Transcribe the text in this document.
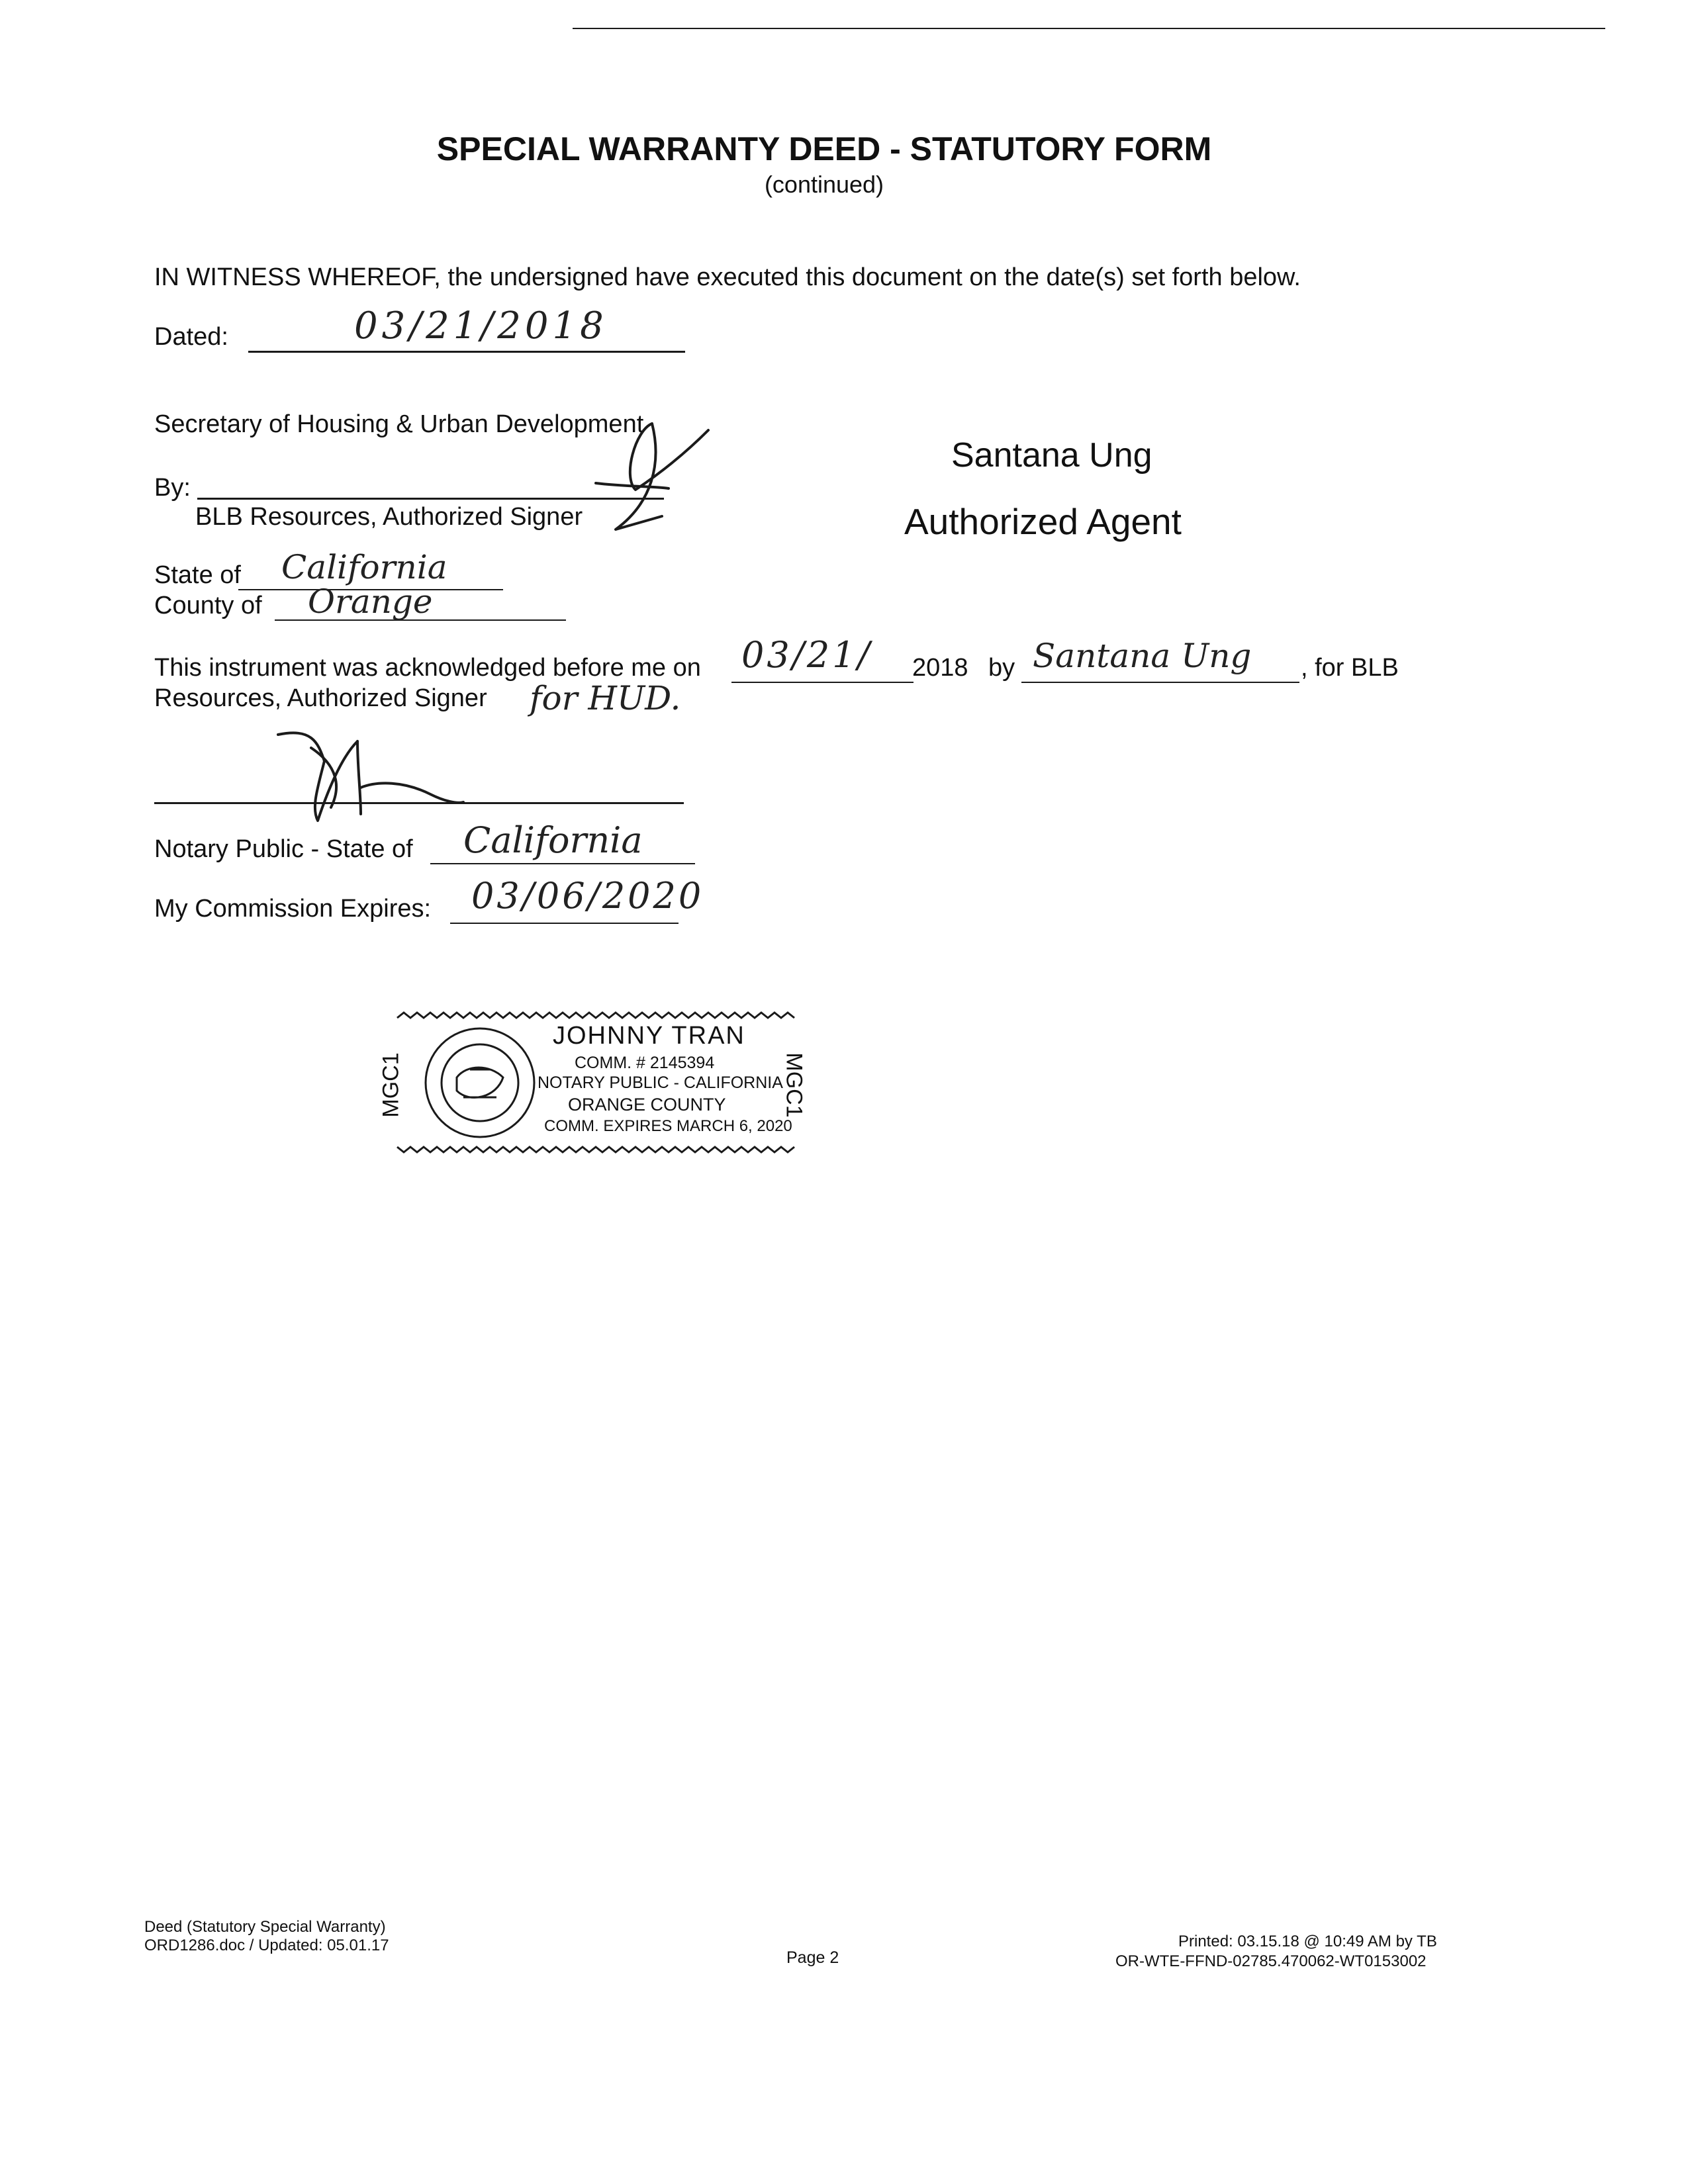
SPECIAL WARRANTY DEED - STATUTORY FORM
(continued)
IN WITNESS WHEREOF, the undersigned have executed this document on the date(s) set forth below.
Dated:	03/21/2018
Secretary of Housing & Urban Development
By:
BLB Resources, Authorized Signer
Santana Ung
Authorized Agent
State of California
County of Orange
This instrument was acknowledged before me on 03/21/ 2018 by Santana Ung , for BLB
Resources, Authorized Signer for HUD.
Notary Public - State of California
My Commission Expires: 03/06/2020
MGC1	MGC1
JOHNNY TRAN
COMM. # 2145394
NOTARY PUBLIC - CALIFORNIA
ORANGE COUNTY
COMM. EXPIRES MARCH 6, 2020
Deed (Statutory Special Warranty)
ORD1286.doc / Updated: 05.01.17
Page 2
Printed: 03.15.18 @ 10:49 AM by TB
OR-WTE-FFND-02785.470062-WT0153002
